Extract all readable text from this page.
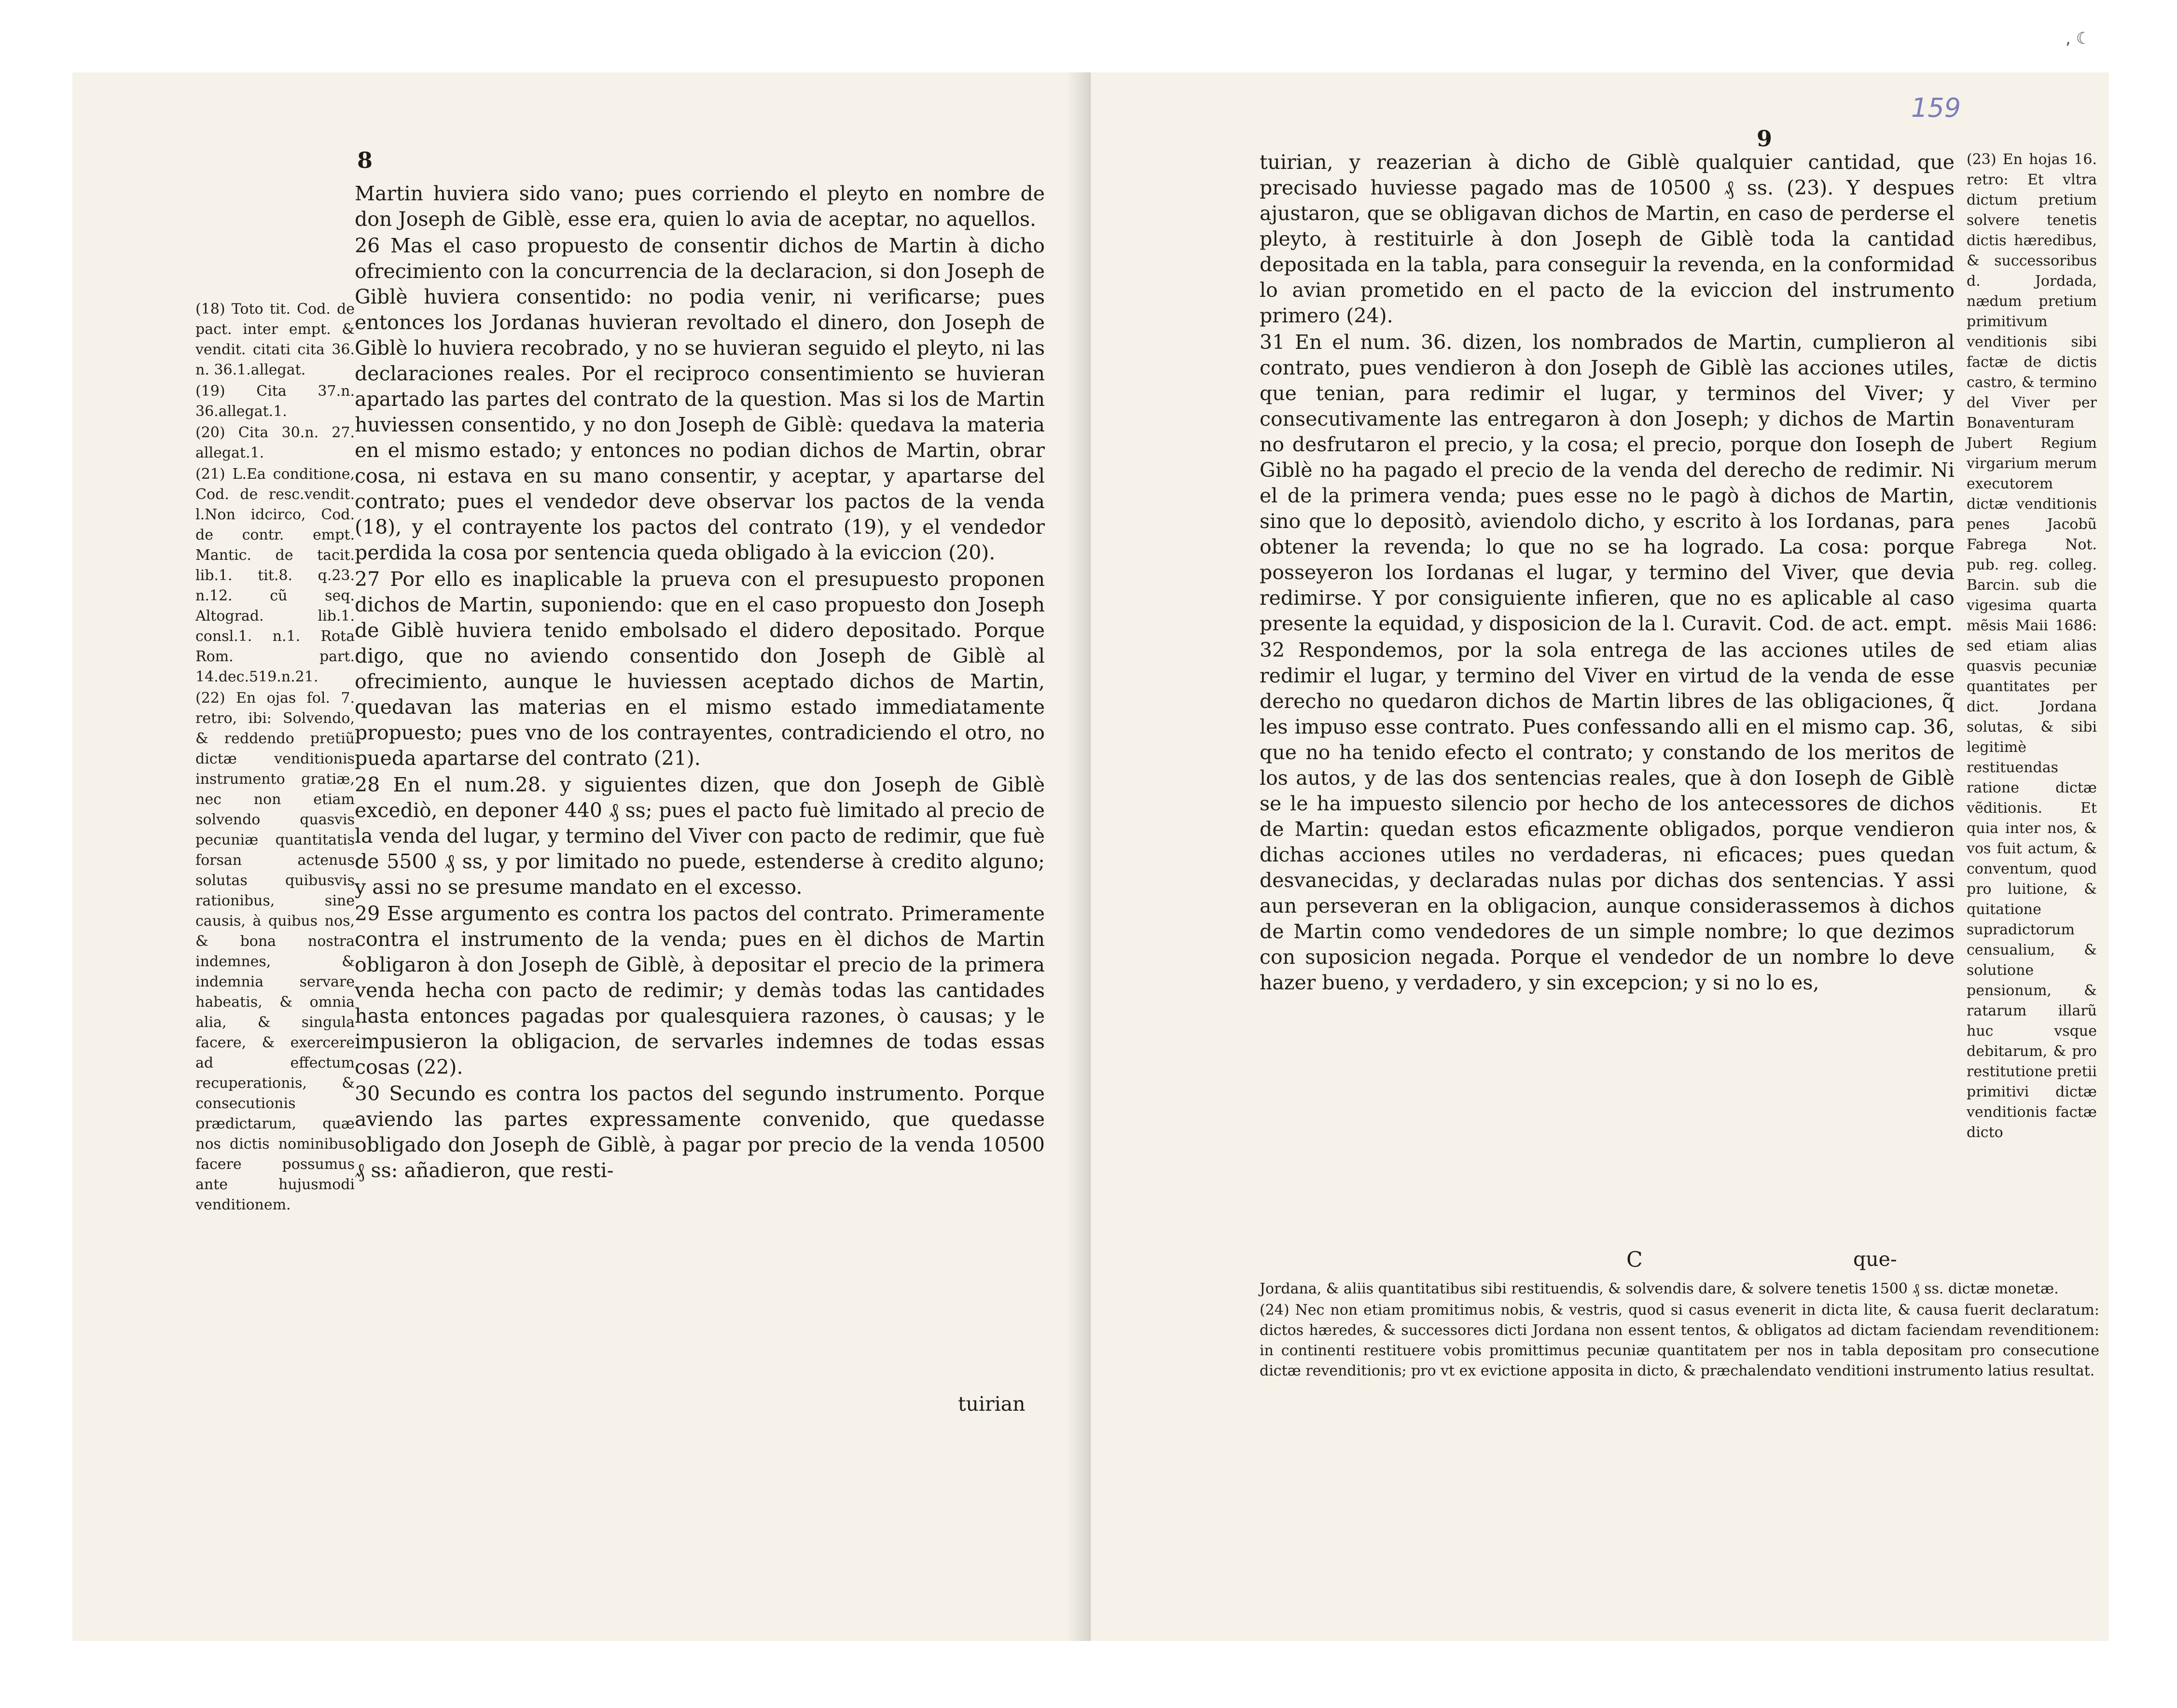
8

(18) Toto tit. Cod. de pact. inter empt. & vendit. citati cita 36. n. 36.1.allegat.

(19) Cita 37.n. 36.allegat.1.

(20) Cita 30.n. 27. allegat.1.

(21) L.Ea conditione, Cod. de resc.vendit. l.Non idcirco, Cod. de contr. empt. Mantic. de tacit. lib.1. tit.8. q.23. n.12. cũ seq. Altograd. lib.1. consl.1. n.1. Rota Rom. part. 14.dec.519.n.21.

(22) En ojas fol. 7. retro, ibi: Solvendo, & reddendo pretiũ dictæ venditionis instrumento gratiæ, nec non etiam solvendo quasvis pecuniæ quantitatis forsan actenus solutas quibusvis rationibus, sine causis, à quibus nos, & bona nostra indemnes, & indemnia servare habeatis, & omnia alia, & singula facere, & exercere ad effectum recuperationis, & consecutionis prædictarum, quæ nos dictis nominibus facere possumus ante hujusmodi venditionem.

Martin huviera sido vano; pues corriendo el pleyto en nombre de don Joseph de Giblè, esse era, quien lo avia de aceptar, no aquellos.

26 Mas el caso propuesto de consentir dichos de Martin à dicho ofrecimiento con la concurrencia de la declaracion, si don Joseph de Giblè huviera consentido: no podia venir, ni verificarse; pues entonces los Jordanas huvieran revoltado el dinero, don Joseph de Giblè lo huviera recobrado, y no se huvieran seguido el pleyto, ni las declaraciones reales. Por el reciproco consentimiento se huvieran apartado las partes del contrato de la question. Mas si los de Martin huviessen consentido, y no don Joseph de Giblè: quedava la materia en el mismo estado; y entonces no podian dichos de Martin, obrar cosa, ni estava en su mano consentir, y aceptar, y apartarse del contrato; pues el vendedor deve observar los pactos de la venda (18), y el contrayente los pactos del contrato (19), y el vendedor perdida la cosa por sentencia queda obligado à la eviccion (20).

27 Por ello es inaplicable la prueva con el presupuesto proponen dichos de Martin, suponiendo: que en el caso propuesto don Joseph de Giblè huviera tenido embolsado el didero depositado. Porque digo, que no aviendo consentido don Joseph de Giblè al ofrecimiento, aunque le huviessen aceptado dichos de Martin, quedavan las materias en el mismo estado immediatamente propuesto; pues vno de los contrayentes, contradiciendo el otro, no pueda apartarse del contrato (21).

28 En el num.28. y siguientes dizen, que don Joseph de Giblè excediò, en deponer 440 ₰ ss; pues el pacto fuè limitado al precio de la venda del lugar, y termino del Viver con pacto de redimir, que fuè de 5500 ₰ ss, y por limitado no puede, estenderse à credito alguno; y assi no se presume mandato en el excesso.

29 Esse argumento es contra los pactos del contrato. Primeramente contra el instrumento de la venda; pues en èl dichos de Martin obligaron à don Joseph de Giblè, à depositar el precio de la primera venda hecha con pacto de redimir; y demàs todas las cantidades hasta entonces pagadas por qualesquiera razones, ò causas; y le impusieron la obligacion, de servarles indemnes de todas essas cosas (22).

30 Secundo es contra los pactos del segundo instrumento. Porque aviendo las partes expressamente convenido, que quedasse obligado don Joseph de Giblè, à pagar por precio de la venda 10500 ₰ ss: añadieron, que resti-

tuirian
159
, ☾
9

tuirian, y reazerian à dicho de Giblè qualquier cantidad, que precisado huviesse pagado mas de 10500 ₰ ss. (23). Y despues ajustaron, que se obligavan dichos de Martin, en caso de perderse el pleyto, à restituirle à don Joseph de Giblè toda la cantidad depositada en la tabla, para conseguir la revenda, en la conformidad lo avian prometido en el pacto de la eviccion del instrumento primero (24).

31 En el num. 36. dizen, los nombrados de Martin, cumplieron al contrato, pues vendieron à don Joseph de Giblè las acciones utiles, que tenian, para redimir el lugar, y terminos del Viver; y consecutivamente las entregaron à don Joseph; y dichos de Martin no desfrutaron el precio, y la cosa; el precio, porque don Ioseph de Giblè no ha pagado el precio de la venda del derecho de redimir. Ni el de la primera venda; pues esse no le pagò à dichos de Martin, sino que lo depositò, aviendolo dicho, y escrito à los Iordanas, para obtener la revenda; lo que no se ha logrado. La cosa: porque posseyeron los Iordanas el lugar, y termino del Viver, que devia redimirse. Y por consiguiente infieren, que no es aplicable al caso presente la equidad, y disposicion de la l. Curavit. Cod. de act. empt.

32 Respondemos, por la sola entrega de las acciones utiles de redimir el lugar, y termino del Viver en virtud de la venda de esse derecho no quedaron dichos de Martin libres de las obligaciones, q̃ les impuso esse contrato. Pues confessando alli en el mismo cap. 36, que no ha tenido efecto el contrato; y constando de los meritos de los autos, y de las dos sentencias reales, que à don Ioseph de Giblè se le ha impuesto silencio por hecho de los antecessores de dichos de Martin: quedan estos eficazmente obligados, porque vendieron dichas acciones utiles no verdaderas, ni eficaces; pues quedan desvanecidas, y declaradas nulas por dichas dos sentencias. Y assi aun perseveran en la obligacion, aunque considerassemos à dichos de Martin como vendedores de un simple nombre; lo que dezimos con suposicion negada. Porque el vendedor de un nombre lo deve hazer bueno, y verdadero, y sin excepcion; y si no lo es,

(23) En hojas 16. retro: Et vltra dictum pretium solvere tenetis dictis hæredibus, & successoribus d. Jordada, nædum pretium primitivum venditionis sibi factæ de dictis castro, & termino del Viver per Bonaventuram Jubert Regium virgarium merum executorem dictæ venditionis penes Jacobũ Fabrega Not. pub. reg. colleg. Barcin. sub die vigesima quarta mẽsis Maii 1686: sed etiam alias quasvis pecuniæ quantitates per dict. Jordana solutas, & sibi legitimè restituendas ratione dictæ vẽditionis. Et quia inter nos, & vos fuit actum, & conventum, quod pro luitione, & quitatione supradictorum censualium, & solutione pensionum, & ratarum illarũ huc vsque debitarum, & pro restitutione pretii primitivi dictæ venditionis factæ dicto

C	que-

Jordana, & aliis quantitatibus sibi restituendis, & solvendis dare, & solvere tenetis 1500 ₰ ss. dictæ monetæ.

(24) Nec non etiam promitimus nobis, & vestris, quod si casus evenerit in dicta lite, & causa fuerit declaratum: dictos hæredes, & successores dicti Jordana non essent tentos, & obligatos ad dictam faciendam revenditionem: in continenti restituere vobis promittimus pecuniæ quantitatem per nos in tabla depositam pro consecutione dictæ revenditionis; pro vt ex evictione apposita in dicto, & præchalendato venditioni instrumento latius resultat.
